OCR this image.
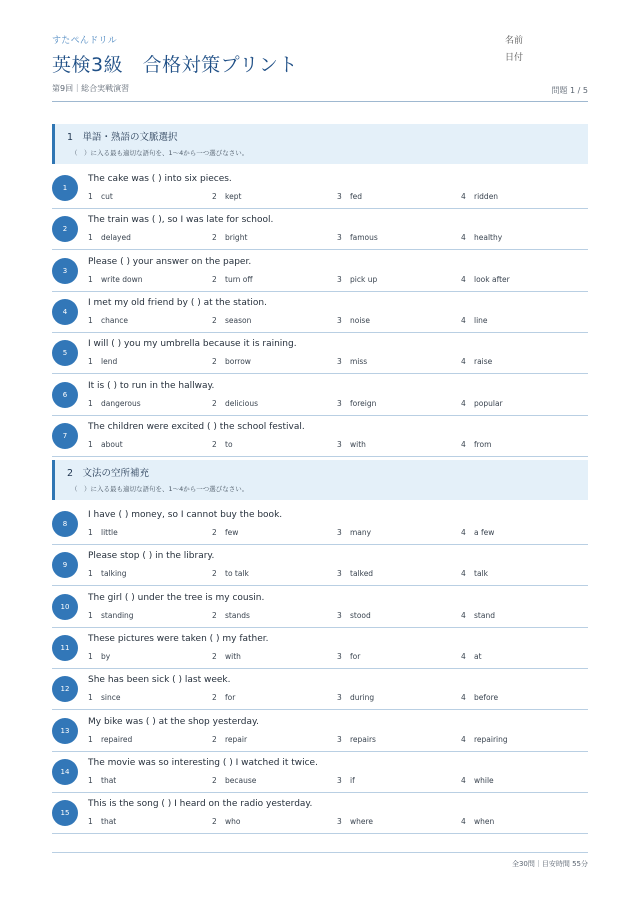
すたぺんドリル
英検3級　合格対策プリント
名前
日付
第9回｜総合実戦演習	問題 1 / 5
1　単語・熟語の文脈選択
（　）に入る最も適切な語句を、1〜4から一つ選びなさい。
1
The cake was ( ) into six pieces.
1 cut	2 kept	3 fed	4 ridden
2
The train was ( ), so I was late for school.
1 delayed	2 bright	3 famous	4 healthy
3
Please ( ) your answer on the paper.
1 write down	2 turn off	3 pick up	4 look after
4
I met my old friend by ( ) at the station.
1 chance	2 season	3 noise	4 line
5
I will ( ) you my umbrella because it is raining.
1 lend	2 borrow	3 miss	4 raise
6
It is ( ) to run in the hallway.
1 dangerous	2 delicious	3 foreign	4 popular
7
The children were excited ( ) the school festival.
1 about	2 to	3 with	4 from
2　文法の空所補充
（　）に入る最も適切な語句を、1〜4から一つ選びなさい。
8
I have ( ) money, so I cannot buy the book.
1 little	2 few	3 many	4 a few
9
Please stop ( ) in the library.
1 talking	2 to talk	3 talked	4 talk
10
The girl ( ) under the tree is my cousin.
1 standing	2 stands	3 stood	4 stand
11
These pictures were taken ( ) my father.
1 by	2 with	3 for	4 at
12
She has been sick ( ) last week.
1 since	2 for	3 during	4 before
13
My bike was ( ) at the shop yesterday.
1 repaired	2 repair	3 repairs	4 repairing
14
The movie was so interesting ( ) I watched it twice.
1 that	2 because	3 if	4 while
15
This is the song ( ) I heard on the radio yesterday.
1 that	2 who	3 where	4 when
全30問｜目安時間 55分
